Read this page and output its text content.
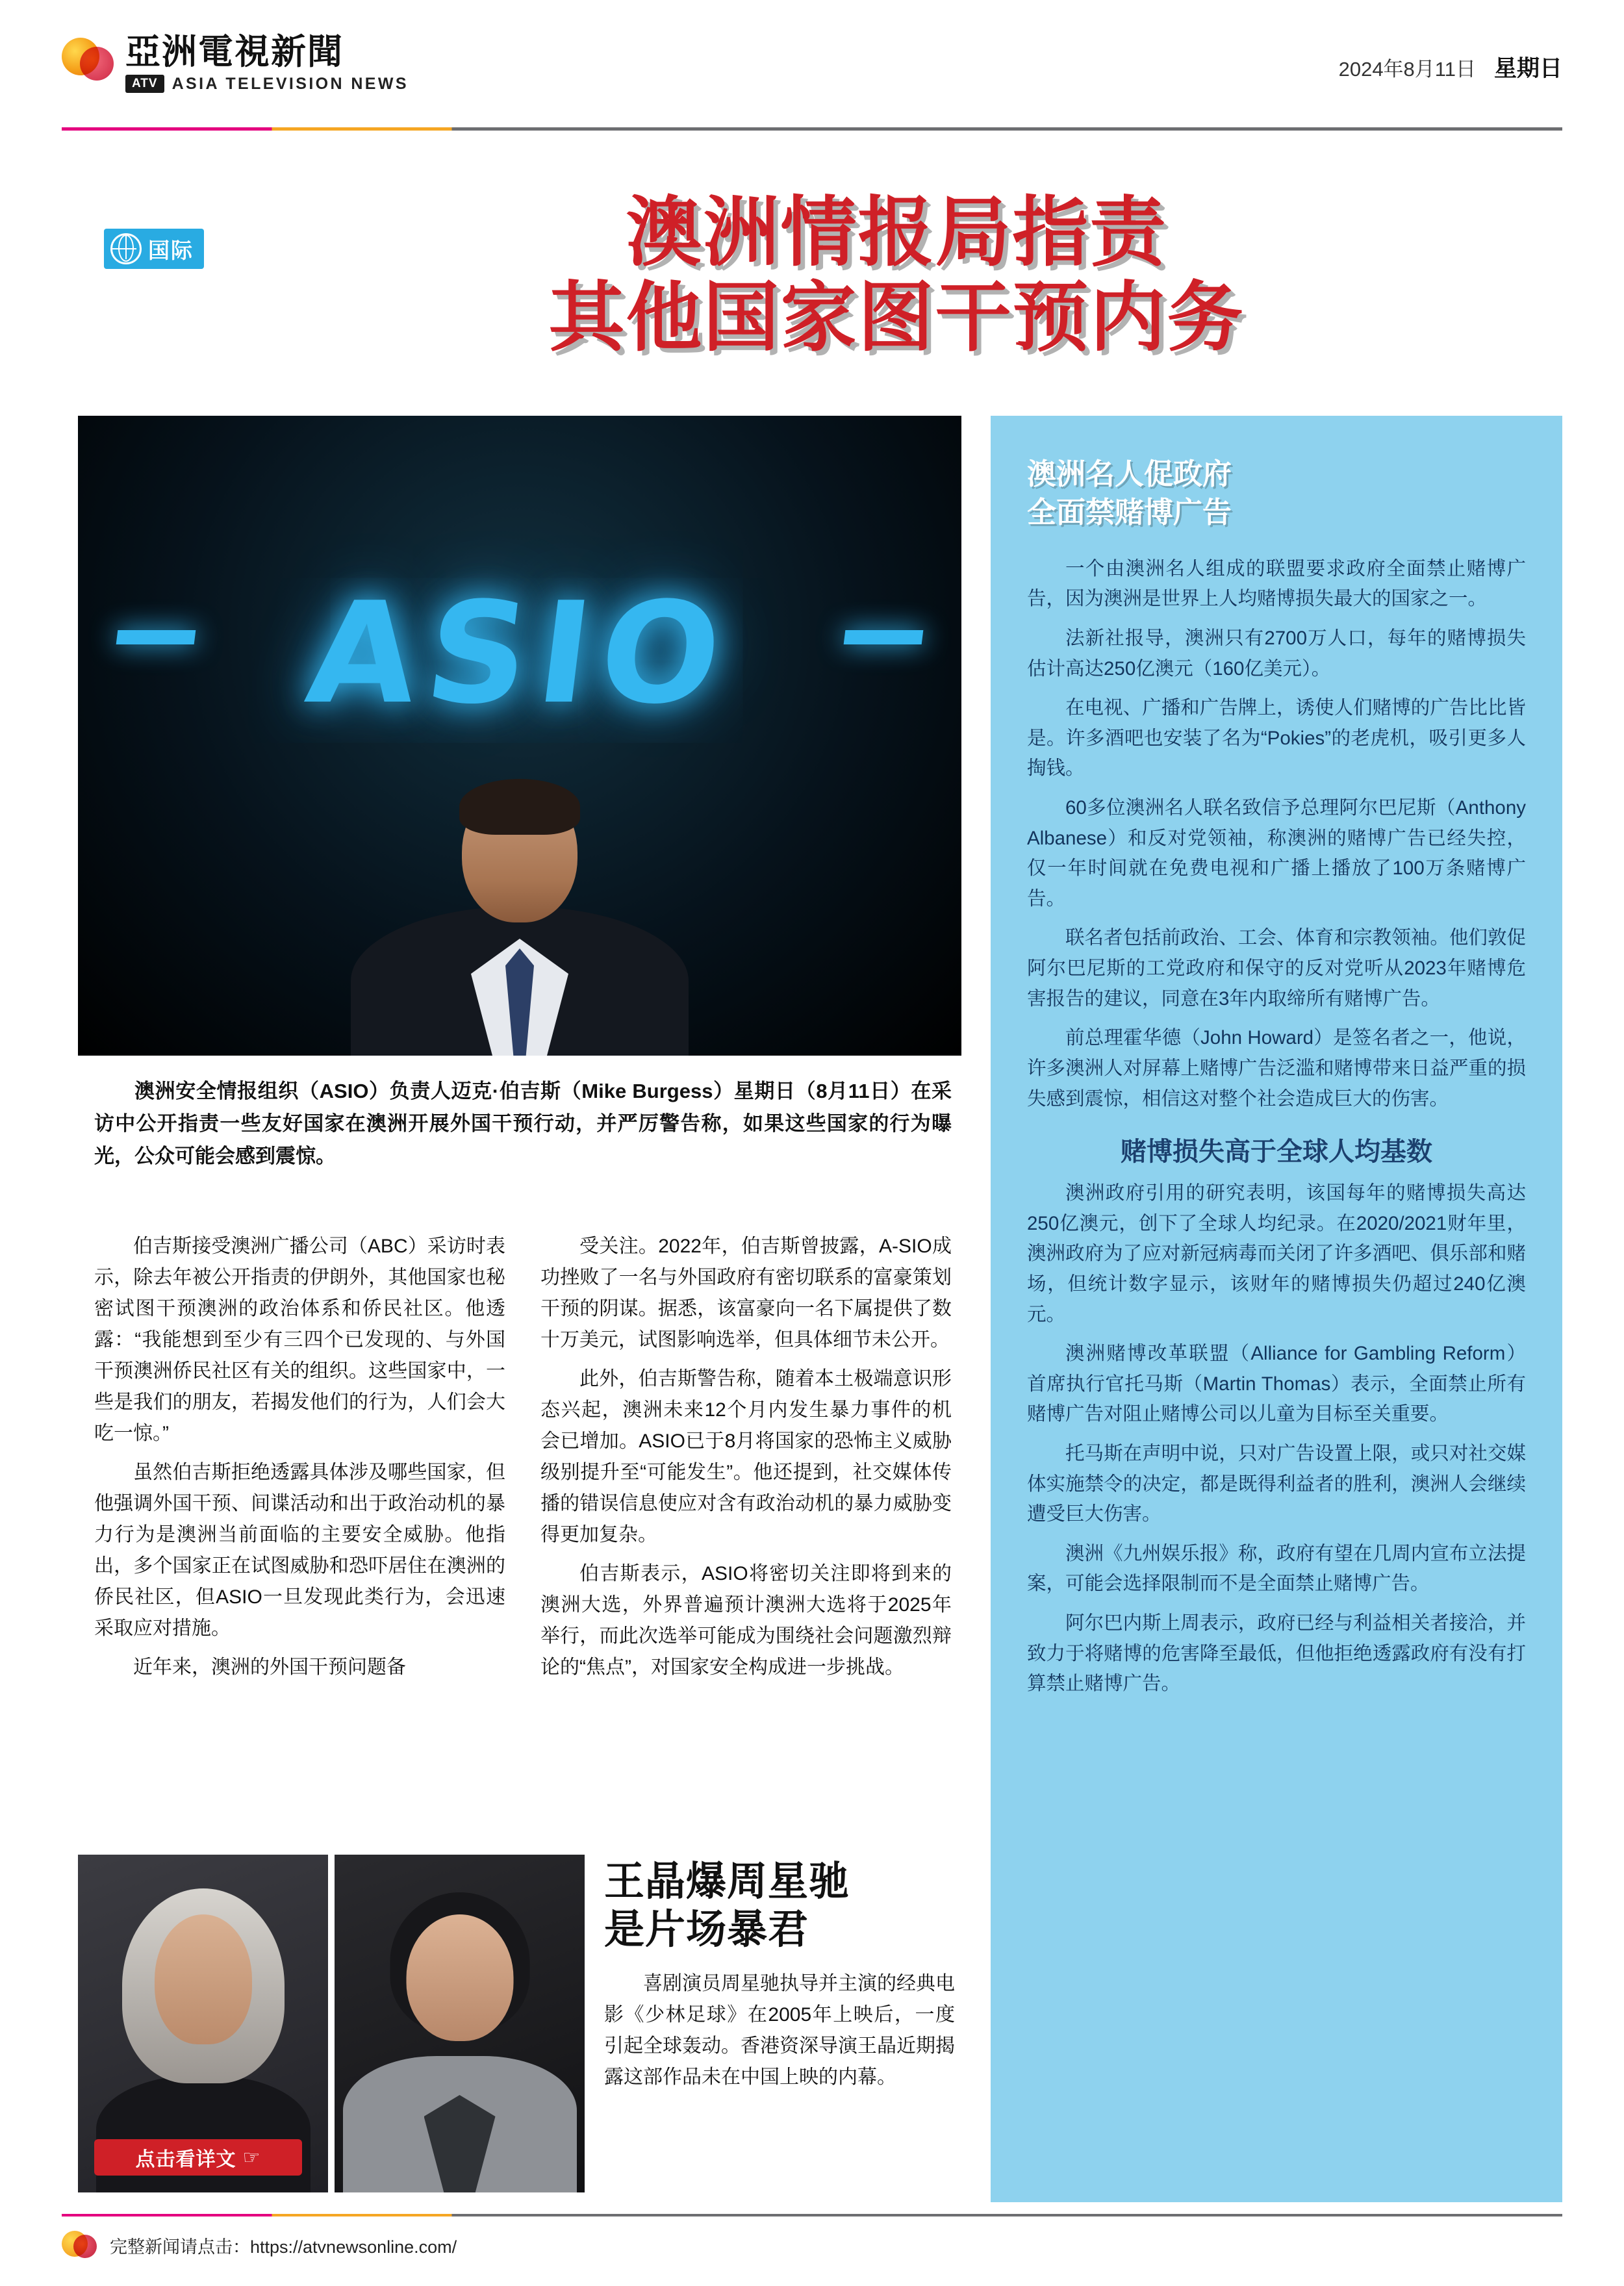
亞洲電視新聞
ATV ASIA TELEVISION NEWS
2024年8月11日 星期日
国际	澳洲情报局指责
其他国家图干预内务
ASIO
澳洲安全情报组织（ASIO）负责人迈克·伯吉斯（Mike Burgess）星期日（8月11日）在采访中公开指责一些友好国家在澳洲开展外国干预行动，并严厉警告称，如果这些国家的行为曝光，公众可能会感到震惊。

伯吉斯接受澳洲广播公司（ABC）采访时表示，除去年被公开指责的伊朗外，其他国家也秘密试图干预澳洲的政治体系和侨民社区。他透露：“我能想到至少有三四个已发现的、与外国干预澳洲侨民社区有关的组织。这些国家中，一些是我们的朋友，若揭发他们的行为，人们会大吃一惊。”

虽然伯吉斯拒绝透露具体涉及哪些国家，但他强调外国干预、间谍活动和出于政治动机的暴力行为是澳洲当前面临的主要安全威胁。他指出，多个国家正在试图威胁和恐吓居住在澳洲的侨民社区，但ASIO一旦发现此类行为，会迅速采取应对措施。

近年来，澳洲的外国干预问题备

受关注。2022年，伯吉斯曾披露，A-SIO成功挫败了一名与外国政府有密切联系的富豪策划干预的阴谋。据悉，该富豪向一名下属提供了数十万美元，试图影响选举，但具体细节未公开。

此外，伯吉斯警告称，随着本土极端意识形态兴起，澳洲未来12个月内发生暴力事件的机会已增加。ASIO已于8月将国家的恐怖主义威胁级别提升至“可能发生”。他还提到，社交媒体传播的错误信息使应对含有政治动机的暴力威胁变得更加复杂。

伯吉斯表示，ASIO将密切关注即将到来的澳洲大选，外界普遍预计澳洲大选将于2025年举行，而此次选举可能成为围绕社会问题激烈辩论的“焦点”，对国家安全构成进一步挑战。

点击看详文 ☞
王晶爆周星驰
是片场暴君
喜剧演员周星驰执导并主演的经典电影《少林足球》在2005年上映后，一度引起全球轰动。香港资深导演王晶近期揭露这部作品未在中国上映的内幕。
澳洲名人促政府
全面禁赌博广告

一个由澳洲名人组成的联盟要求政府全面禁止赌博广告，因为澳洲是世界上人均赌博损失最大的国家之一。

法新社报导，澳洲只有2700万人口，每年的赌博损失估计高达250亿澳元（160亿美元）。

在电视、广播和广告牌上，诱使人们赌博的广告比比皆是。许多酒吧也安装了名为“Pokies”的老虎机，吸引更多人掏钱。

60多位澳洲名人联名致信予总理阿尔巴尼斯（Anthony Albanese）和反对党领袖，称澳洲的赌博广告已经失控，仅一年时间就在免费电视和广播上播放了100万条赌博广告。

联名者包括前政治、工会、体育和宗教领袖。他们敦促阿尔巴尼斯的工党政府和保守的反对党听从2023年赌博危害报告的建议，同意在3年内取缔所有赌博广告。

前总理霍华德（John Howard）是签名者之一，他说，许多澳洲人对屏幕上赌博广告泛滥和赌博带来日益严重的损失感到震惊，相信这对整个社会造成巨大的伤害。

赌博损失高于全球人均基数

澳洲政府引用的研究表明，该国每年的赌博损失高达250亿澳元，创下了全球人均纪录。在2020/2021财年里，澳洲政府为了应对新冠病毒而关闭了许多酒吧、俱乐部和赌场，但统计数字显示，该财年的赌博损失仍超过240亿澳元。

澳洲赌博改革联盟（Alliance for Gambling Reform）首席执行官托马斯（Martin Thomas）表示，全面禁止所有赌博广告对阻止赌博公司以儿童为目标至关重要。

托马斯在声明中说，只对广告设置上限，或只对社交媒体实施禁令的决定，都是既得利益者的胜利，澳洲人会继续遭受巨大伤害。

澳洲《九州娱乐报》称，政府有望在几周内宣布立法提案，可能会选择限制而不是全面禁止赌博广告。

阿尔巴内斯上周表示，政府已经与利益相关者接洽，并致力于将赌博的危害降至最低，但他拒绝透露政府有没有打算禁止赌博广告。

完整新闻请点击：https://atvnewsonline.com/
